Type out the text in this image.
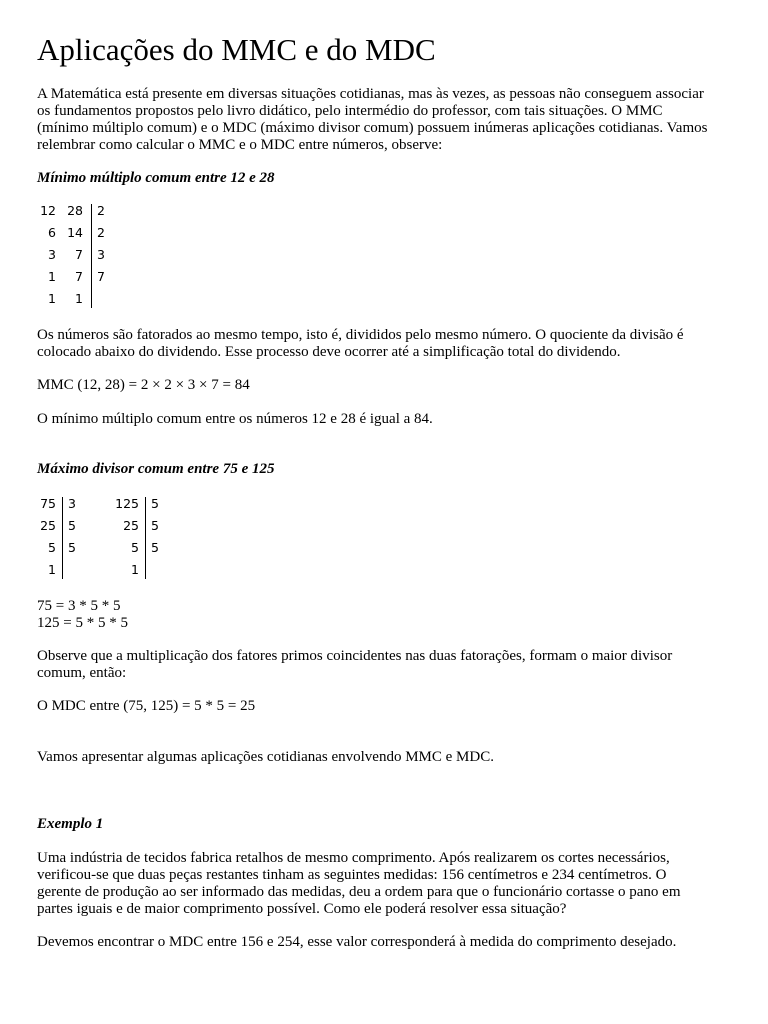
Aplicações do MMC e do MDC

A Matemática está presente em diversas situações cotidianas, mas às vezes, as pessoas não conseguem associar

os fundamentos propostos pelo livro didático, pelo intermédio do professor, com tais situações. O MMC

(mínimo múltiplo comum) e o MDC (máximo divisor comum) possuem inúmeras aplicações cotidianas. Vamos

relembrar como calcular o MMC e o MDC entre números, observe:

Mínimo múltiplo comum entre 12 e 28

12 28 2
6 14 2
3 7 3
1 7 7
1 1

Os números são fatorados ao mesmo tempo, isto é, divididos pelo mesmo número. O quociente da divisão é

colocado abaixo do dividendo. Esse processo deve ocorrer até a simplificação total do dividendo.

MMC (12, 28) = 2 × 2 × 3 × 7 = 84

O mínimo múltiplo comum entre os números 12 e 28 é igual a 84.

Máximo divisor comum entre 75 e 125

75 3
25 5
5 5
1
125 5
25 5
5 5
1

75 = 3 * 5 * 5

125 = 5 * 5 * 5

Observe que a multiplicação dos fatores primos coincidentes nas duas fatorações, formam o maior divisor

comum, então:

O MDC entre (75, 125) = 5 * 5 = 25

Vamos apresentar algumas aplicações cotidianas envolvendo MMC e MDC.

Exemplo 1

Uma indústria de tecidos fabrica retalhos de mesmo comprimento. Após realizarem os cortes necessários,

verificou-se que duas peças restantes tinham as seguintes medidas: 156 centímetros e 234 centímetros. O

gerente de produção ao ser informado das medidas, deu a ordem para que o funcionário cortasse o pano em

partes iguais e de maior comprimento possível. Como ele poderá resolver essa situação?

Devemos encontrar o MDC entre 156 e 254, esse valor corresponderá à medida do comprimento desejado.
